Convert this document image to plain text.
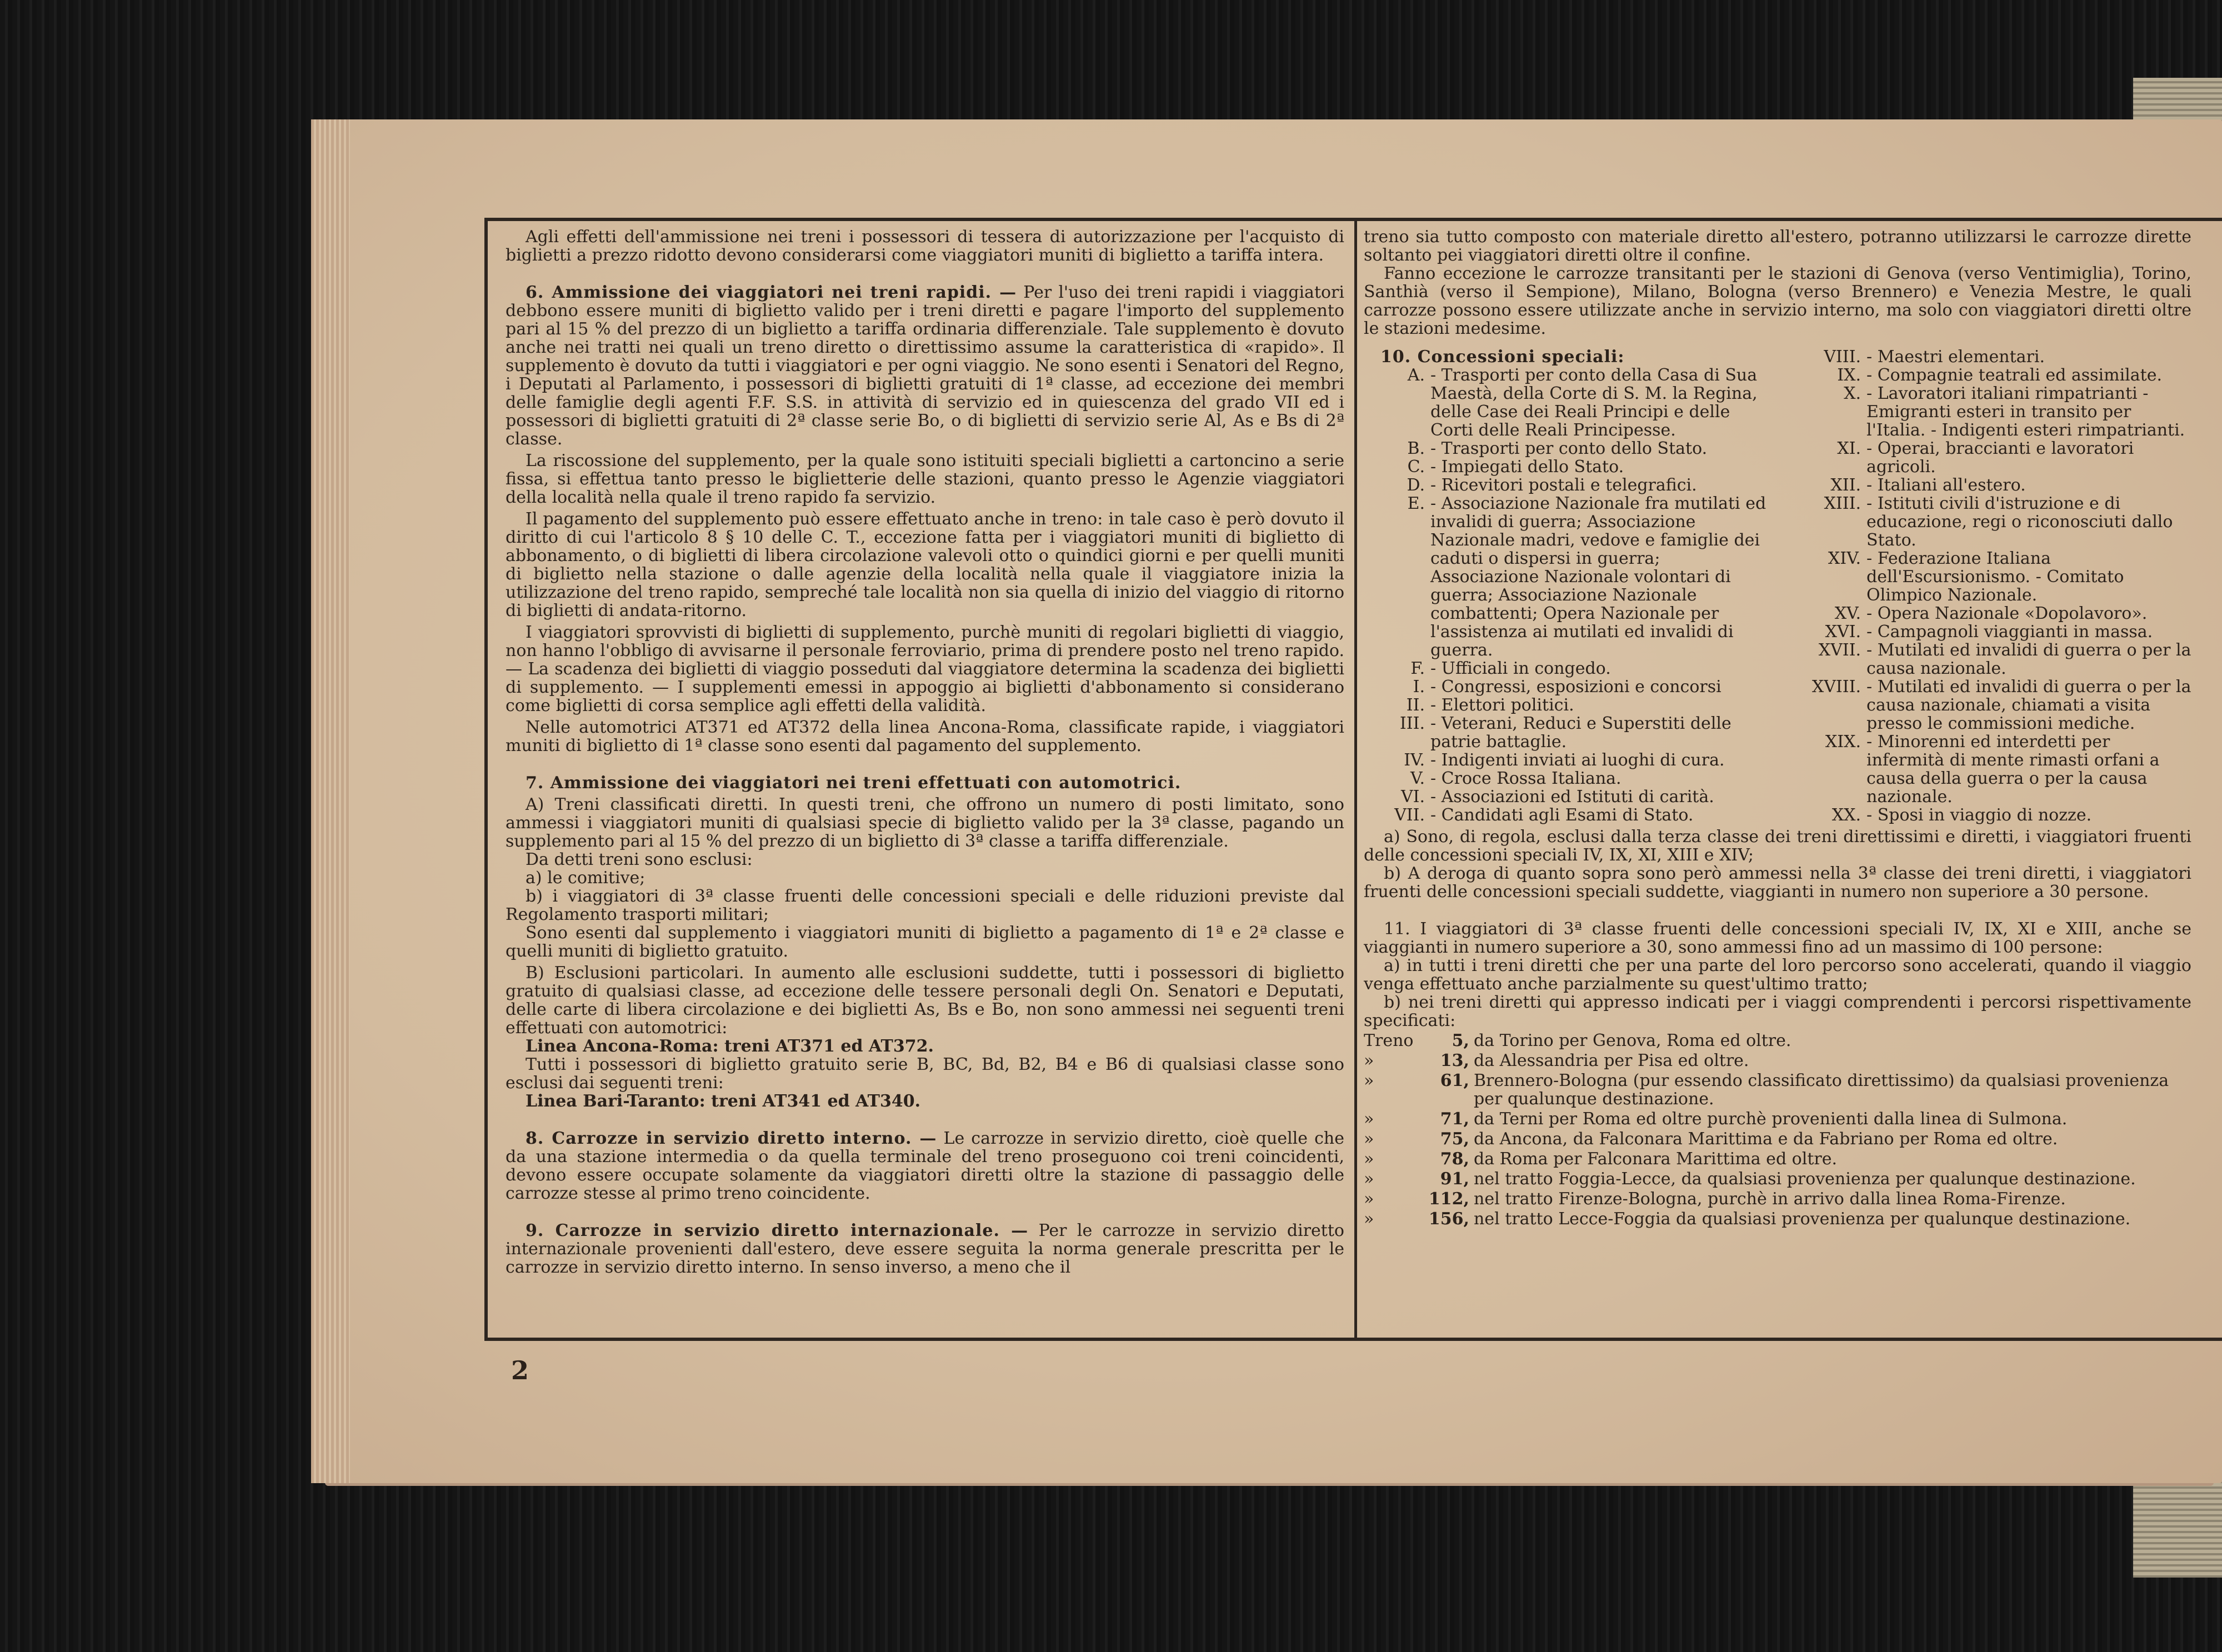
Agli effetti dell'ammissione nei treni i possessori di tessera di autorizzazione per l'acquisto di biglietti a prezzo ridotto devono considerarsi come viaggiatori muniti di biglietto a tariffa intera.

6. Ammissione dei viaggiatori nei treni rapidi. — Per l'uso dei treni rapidi i viaggiatori debbono essere muniti di biglietto valido per i treni diretti e pagare l'importo del supplemento pari al 15 % del prezzo di un biglietto a tariffa ordinaria differenziale. Tale supplemento è dovuto anche nei tratti nei quali un treno diretto o direttissimo assume la caratteristica di «rapido». Il supplemento è dovuto da tutti i viaggiatori e per ogni viaggio. Ne sono esenti i Senatori del Regno, i Deputati al Parlamento, i possessori di biglietti gratuiti di 1ª classe, ad eccezione dei membri delle famiglie degli agenti F.F. S.S. in attività di servizio ed in quiescenza del grado VII ed i possessori di biglietti gratuiti di 2ª classe serie Bo, o di biglietti di servizio serie Al, As e Bs di 2ª classe.

La riscossione del supplemento, per la quale sono istituiti speciali biglietti a cartoncino a serie fissa, si effettua tanto presso le biglietterie delle stazioni, quanto presso le Agenzie viaggiatori della località nella quale il treno rapido fa servizio.

Il pagamento del supplemento può essere effettuato anche in treno: in tale caso è però dovuto il diritto di cui l'articolo 8 § 10 delle C. T., eccezione fatta per i viaggiatori muniti di biglietto di abbonamento, o di biglietti di libera circolazione valevoli otto o quindici giorni e per quelli muniti di biglietto nella stazione o dalle agenzie della località nella quale il viaggiatore inizia la utilizzazione del treno rapido, sempreché tale località non sia quella di inizio del viaggio di ritorno di biglietti di andata-ritorno.

I viaggiatori sprovvisti di biglietti di supplemento, purchè muniti di regolari biglietti di viaggio, non hanno l'obbligo di avvisarne il personale ferroviario, prima di prendere posto nel treno rapido. — La scadenza dei biglietti di viaggio posseduti dal viaggiatore determina la scadenza dei biglietti di supplemento. — I supplementi emessi in appoggio ai biglietti d'abbonamento si considerano come biglietti di corsa semplice agli effetti della validità.

Nelle automotrici AT371 ed AT372 della linea Ancona-Roma, classificate rapide, i viaggiatori muniti di biglietto di 1ª classe sono esenti dal pagamento del supplemento.

7. Ammissione dei viaggiatori nei treni effettuati con automotrici.

A) Treni classificati diretti. In questi treni, che offrono un numero di posti limitato, sono ammessi i viaggiatori muniti di qualsiasi specie di biglietto valido per la 3ª classe, pagando un supplemento pari al 15 % del prezzo di un biglietto di 3ª classe a tariffa differenziale.

Da detti treni sono esclusi:

a) le comitive;

b) i viaggiatori di 3ª classe fruenti delle concessioni speciali e delle riduzioni previste dal Regolamento trasporti militari;

Sono esenti dal supplemento i viaggiatori muniti di biglietto a pagamento di 1ª e 2ª classe e quelli muniti di biglietto gratuito.

B) Esclusioni particolari. In aumento alle esclusioni suddette, tutti i possessori di biglietto gratuito di qualsiasi classe, ad eccezione delle tessere personali degli On. Senatori e Deputati, delle carte di libera circolazione e dei biglietti As, Bs e Bo, non sono ammessi nei seguenti treni effettuati con automotrici:

Linea Ancona-Roma: treni AT371 ed AT372.

Tutti i possessori di biglietto gratuito serie B, BC, Bd, B2, B4 e B6 di qualsiasi classe sono esclusi dai seguenti treni:

Linea Bari-Taranto: treni AT341 ed AT340.

8. Carrozze in servizio diretto interno. — Le carrozze in servizio diretto, cioè quelle che da una stazione intermedia o da quella terminale del treno proseguono coi treni coincidenti, devono essere occupate solamente da viaggiatori diretti oltre la stazione di passaggio delle carrozze stesse al primo treno coincidente.

9. Carrozze in servizio diretto internazionale. — Per le carrozze in servizio diretto internazionale provenienti dall'estero, deve essere seguita la norma generale prescritta per le carrozze in servizio diretto interno. In senso inverso, a meno che il

treno sia tutto composto con materiale diretto all'estero, potranno utilizzarsi le carrozze dirette soltanto pei viaggiatori diretti oltre il confine.

Fanno eccezione le carrozze transitanti per le stazioni di Genova (verso Ventimiglia), Torino, Santhià (verso il Sempione), Milano, Bologna (verso Brennero) e Venezia Mestre, le quali carrozze possono essere utilizzate anche in servizio interno, ma solo con viaggiatori diretti oltre le stazioni medesime.

10. Concessioni speciali:
A. - Trasporti per conto della Casa di Sua Maestà, della Corte di S. M. la Regina, delle Case dei Reali Principi e delle Corti delle Reali Principesse.
B. - Trasporti per conto dello Stato.
C. - Impiegati dello Stato.
D. - Ricevitori postali e telegrafici.
E. - Associazione Nazionale fra mutilati ed invalidi di guerra; Associazione Nazionale madri, vedove e famiglie dei caduti o dispersi in guerra; Associazione Nazionale volontari di guerra; Associazione Nazionale combattenti; Opera Nazionale per l'assistenza ai mutilati ed invalidi di guerra.
F. - Ufficiali in congedo.
I. - Congressi, esposizioni e concorsi
II. - Elettori politici.
III. - Veterani, Reduci e Superstiti delle patrie battaglie.
IV. - Indigenti inviati ai luoghi di cura.
V. - Croce Rossa Italiana.
VI. - Associazioni ed Istituti di carità.
VII. - Candidati agli Esami di Stato.
VIII. - Maestri elementari.
IX. - Compagnie teatrali ed assimilate.
X. - Lavoratori italiani rimpatrianti - Emigranti esteri in transito per l'Italia. - Indigenti esteri rimpatrianti.
XI. - Operai, braccianti e lavoratori agricoli.
XII. - Italiani all'estero.
XIII. - Istituti civili d'istruzione e di educazione, regi o riconosciuti dallo Stato.
XIV. - Federazione Italiana dell'Escursionismo. - Comitato Olimpico Nazionale.
XV. - Opera Nazionale «Dopolavoro».
XVI. - Campagnoli viaggianti in massa.
XVII. - Mutilati ed invalidi di guerra o per la causa nazionale.
XVIII. - Mutilati ed invalidi di guerra o per la causa nazionale, chiamati a visita presso le commissioni mediche.
XIX. - Minorenni ed interdetti per infermità di mente rimasti orfani a causa della guerra o per la causa nazionale.
XX. - Sposi in viaggio di nozze.

a) Sono, di regola, esclusi dalla terza classe dei treni direttissimi e diretti, i viaggiatori fruenti delle concessioni speciali IV, IX, XI, XIII e XIV;

b) A deroga di quanto sopra sono però ammessi nella 3ª classe dei treni diretti, i viaggiatori fruenti delle concessioni speciali suddette, viaggianti in numero non superiore a 30 persone.

11. I viaggiatori di 3ª classe fruenti delle concessioni speciali IV, IX, XI e XIII, anche se viaggianti in numero superiore a 30, sono ammessi fino ad un massimo di 100 persone:

a) in tutti i treni diretti che per una parte del loro percorso sono accelerati, quando il viaggio venga effettuato anche parzialmente su quest'ultimo tratto;

b) nei treni diretti qui appresso indicati per i viaggi comprendenti i percorsi rispettivamente specificati:

Treno	5, da Torino per Genova, Roma ed oltre.
»	13, da Alessandria per Pisa ed oltre.
»	61, Brennero-Bologna (pur essendo classificato direttissimo) da qualsiasi provenienza per qualunque destinazione.
»	71, da Terni per Roma ed oltre purchè provenienti dalla linea di Sulmona.
»	75, da Ancona, da Falconara Marittima e da Fabriano per Roma ed oltre.
»	78, da Roma per Falconara Marittima ed oltre.
»	91, nel tratto Foggia-Lecce, da qualsiasi provenienza per qualunque destinazione.
»	112, nel tratto Firenze-Bologna, purchè in arrivo dalla linea Roma-Firenze.
»	156, nel tratto Lecce-Foggia da qualsiasi provenienza per qualunque destinazione.
2
